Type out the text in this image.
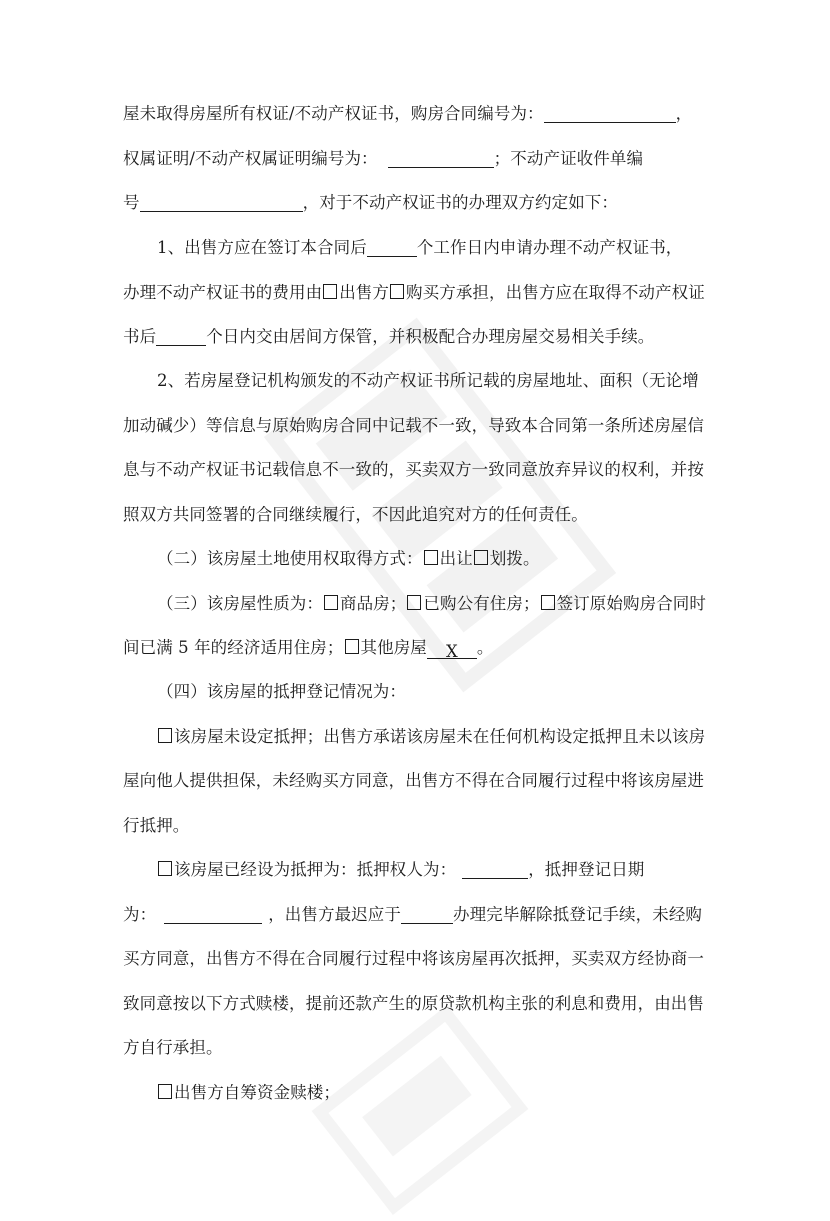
屋未取得房屋所有权证/不动产权证书，购房合同编号为：	，
权属证明/不动产权属证明编号为：	；不动产证收件单编
号	，对于不动产权证书的办理双方约定如下：
1、出售方应在签订本合同后	个工作日内申请办理不动产权证书，
办理不动产权证书的费用由 出售方 购买方承担，出售方应在取得不动产权证
书后	个日内交由居间方保管，并积极配合办理房屋交易相关手续。
2、若房屋登记机构颁发的不动产权证书所记载的房屋地址、面积（无论增
加动碱少）等信息与原始购房合同中记载不一致，导致本合同第一条所述房屋信
息与不动产权证书记载信息不一致的，买卖双方一致同意放弃异议的权利，并按
照双方共同签署的合同继续履行，不因此追究对方的任何责任。
（二）该房屋土地使用权取得方式： 出让 划拨。
（三）该房屋性质为： 商品房； 已购公有住房； 签订原始购房合同时
间已满 5 年的经济适用住房； 其他房屋 X 。
（四）该房屋的抵押登记情况为：
该房屋未设定抵押；出售方承诺该房屋未在任何机构设定抵押且未以该房
屋向他人提供担保，未经购买方同意，出售方不得在合同履行过程中将该房屋进
行抵押。
该房屋已经设为抵押为：抵押权人为：	，抵押登记日期
为：	，出售方最迟应于	办理完毕解除抵登记手续，未经购
买方同意，出售方不得在合同履行过程中将该房屋再次抵押，买卖双方经协商一
致同意按以下方式赎楼，提前还款产生的原贷款机构主张的利息和费用，由出售
方自行承担。
出售方自筹资金赎楼；
